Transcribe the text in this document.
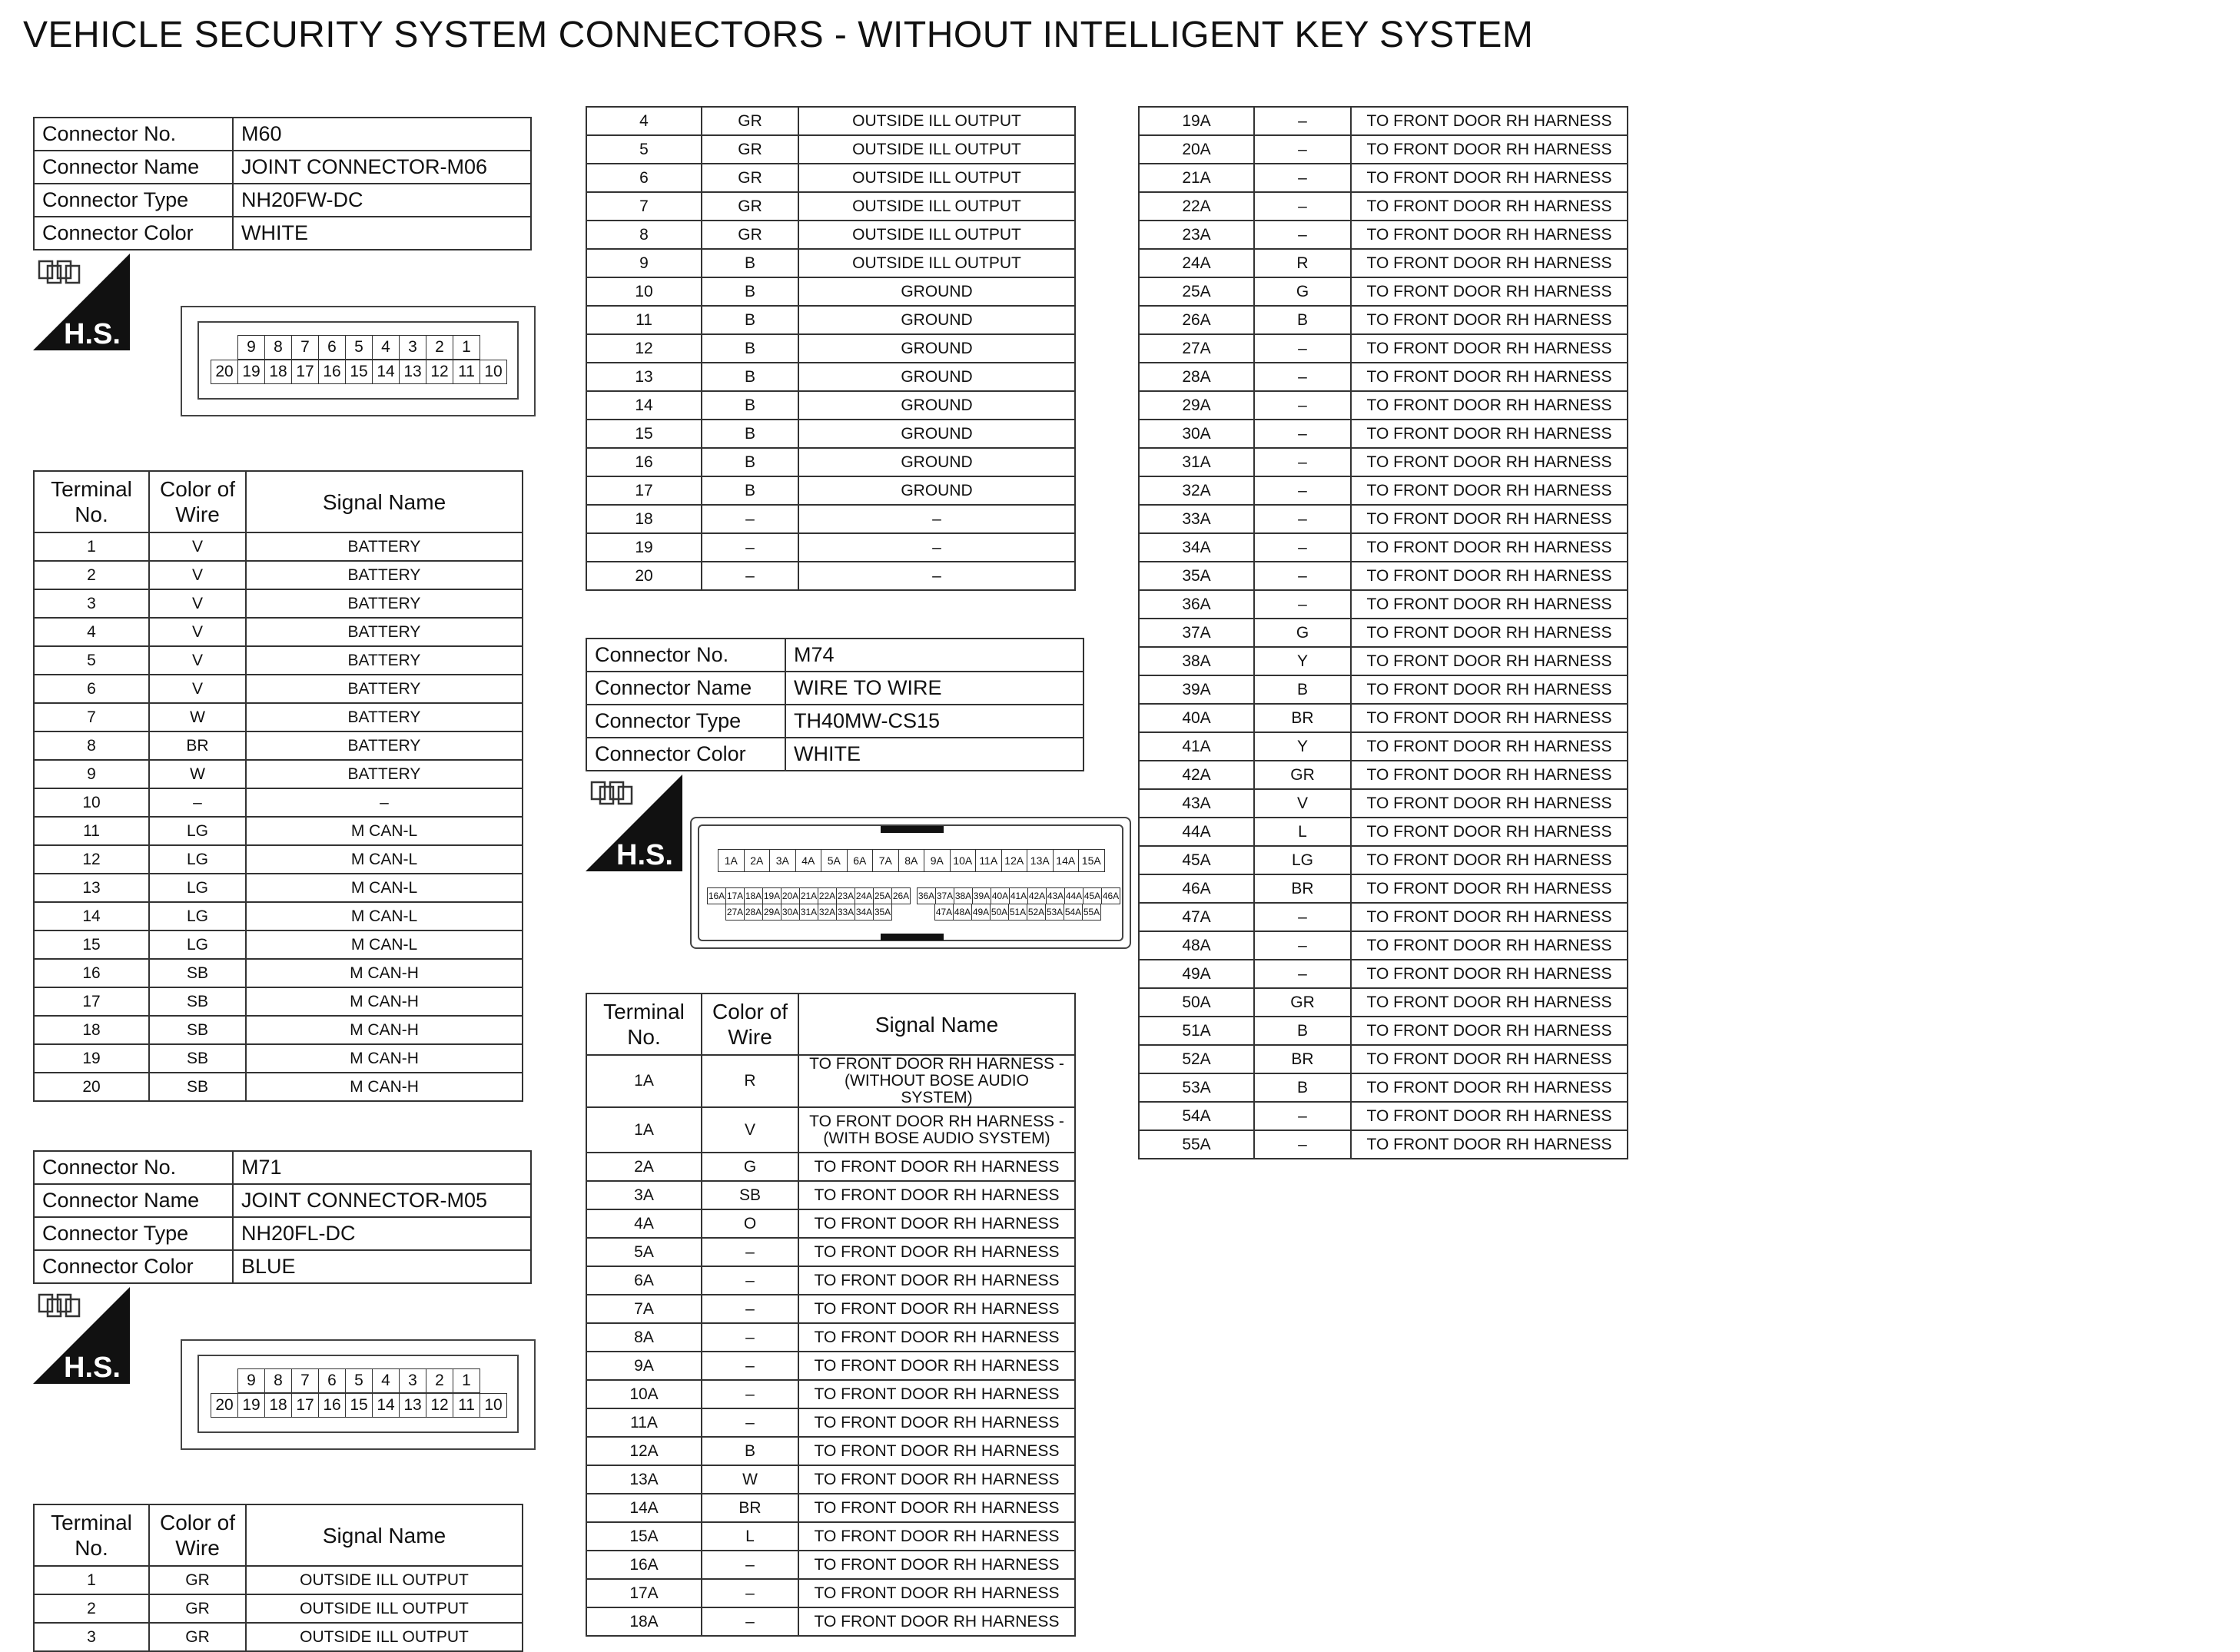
VEHICLE SECURITY SYSTEM CONNECTORS - WITHOUT INTELLIGENT KEY SYSTEM
Connector No.	M60
Connector Name	JOINT CONNECTOR-M06
Connector Type	NH20FW-DC
Connector Color	WHITE
H.S.	9	8	7	6	5	4	3	2	1
20 19 18 17 16 15 14 13 12 11 10
Terminal No.	Color of Wire	Signal Name
1	V	BATTERY
2	V	BATTERY
3	V	BATTERY
4	V	BATTERY
5	V	BATTERY
6	V	BATTERY
7	W	BATTERY
8	BR	BATTERY
9	W	BATTERY
10	–	–
11	LG	M CAN-L
12	LG	M CAN-L
13	LG	M CAN-L
14	LG	M CAN-L
15	LG	M CAN-L
16	SB	M CAN-H
17	SB	M CAN-H
18	SB	M CAN-H
19	SB	M CAN-H
20	SB	M CAN-H
Connector No.	M71
Connector Name	JOINT CONNECTOR-M05
Connector Type	NH20FL-DC
Connector Color	BLUE
H.S.	9	8	7	6	5	4	3	2	1
20 19 18 17 16 15 14 13 12 11 10
Terminal No.	Color of Wire	Signal Name
1	GR	OUTSIDE ILL OUTPUT
2	GR	OUTSIDE ILL OUTPUT
3	GR	OUTSIDE ILL OUTPUT
4	GR	OUTSIDE ILL OUTPUT
5	GR	OUTSIDE ILL OUTPUT
6	GR	OUTSIDE ILL OUTPUT
7	GR	OUTSIDE ILL OUTPUT
8	GR	OUTSIDE ILL OUTPUT
9	B	OUTSIDE ILL OUTPUT
10	B	GROUND
11	B	GROUND
12	B	GROUND
13	B	GROUND
14	B	GROUND
15	B	GROUND
16	B	GROUND
17	B	GROUND
18	–	–
19	–	–
20	–	–
Connector No.	M74
Connector Name	WIRE TO WIRE
Connector Type	TH40MW-CS15
Connector Color	WHITE
H.S.	1A	2A	3A	4A	5A	6A	7A	8A	9A 10A 11A 12A 13A 14A 15A
16A 17A 18A 19A 20A 21A 22A 23A 24A 25A 26A 36A 37A 38A 39A 40A 41A 42A 43A 44A 45A 46A
27A 28A 29A 30A 31A 32A 33A 34A 35A	47A 48A 49A 50A 51A 52A 53A 54A 55A
Terminal No.	Color of Wire	Signal Name
1A	R	TO FRONT DOOR RH HARNESS - (WITHOUT BOSE AUDIO SYSTEM)
1A	V	TO FRONT DOOR RH HARNESS - (WITH BOSE AUDIO SYSTEM)
2A	G	TO FRONT DOOR RH HARNESS
3A	SB	TO FRONT DOOR RH HARNESS
4A	O	TO FRONT DOOR RH HARNESS
5A	–	TO FRONT DOOR RH HARNESS
6A	–	TO FRONT DOOR RH HARNESS
7A	–	TO FRONT DOOR RH HARNESS
8A	–	TO FRONT DOOR RH HARNESS
9A	–	TO FRONT DOOR RH HARNESS
10A	–	TO FRONT DOOR RH HARNESS
11A	–	TO FRONT DOOR RH HARNESS
12A	B	TO FRONT DOOR RH HARNESS
13A	W	TO FRONT DOOR RH HARNESS
14A	BR	TO FRONT DOOR RH HARNESS
15A	L	TO FRONT DOOR RH HARNESS
16A	–	TO FRONT DOOR RH HARNESS
17A	–	TO FRONT DOOR RH HARNESS
18A	–	TO FRONT DOOR RH HARNESS
19A	–	TO FRONT DOOR RH HARNESS
20A	–	TO FRONT DOOR RH HARNESS
21A	–	TO FRONT DOOR RH HARNESS
22A	–	TO FRONT DOOR RH HARNESS
23A	–	TO FRONT DOOR RH HARNESS
24A	R	TO FRONT DOOR RH HARNESS
25A	G	TO FRONT DOOR RH HARNESS
26A	B	TO FRONT DOOR RH HARNESS
27A	–	TO FRONT DOOR RH HARNESS
28A	–	TO FRONT DOOR RH HARNESS
29A	–	TO FRONT DOOR RH HARNESS
30A	–	TO FRONT DOOR RH HARNESS
31A	–	TO FRONT DOOR RH HARNESS
32A	–	TO FRONT DOOR RH HARNESS
33A	–	TO FRONT DOOR RH HARNESS
34A	–	TO FRONT DOOR RH HARNESS
35A	–	TO FRONT DOOR RH HARNESS
36A	–	TO FRONT DOOR RH HARNESS
37A	G	TO FRONT DOOR RH HARNESS
38A	Y	TO FRONT DOOR RH HARNESS
39A	B	TO FRONT DOOR RH HARNESS
40A	BR	TO FRONT DOOR RH HARNESS
41A	Y	TO FRONT DOOR RH HARNESS
42A	GR	TO FRONT DOOR RH HARNESS
43A	V	TO FRONT DOOR RH HARNESS
44A	L	TO FRONT DOOR RH HARNESS
45A	LG	TO FRONT DOOR RH HARNESS
46A	BR	TO FRONT DOOR RH HARNESS
47A	–	TO FRONT DOOR RH HARNESS
48A	–	TO FRONT DOOR RH HARNESS
49A	–	TO FRONT DOOR RH HARNESS
50A	GR	TO FRONT DOOR RH HARNESS
51A	B	TO FRONT DOOR RH HARNESS
52A	BR	TO FRONT DOOR RH HARNESS
53A	B	TO FRONT DOOR RH HARNESS
54A	–	TO FRONT DOOR RH HARNESS
55A	–	TO FRONT DOOR RH HARNESS
